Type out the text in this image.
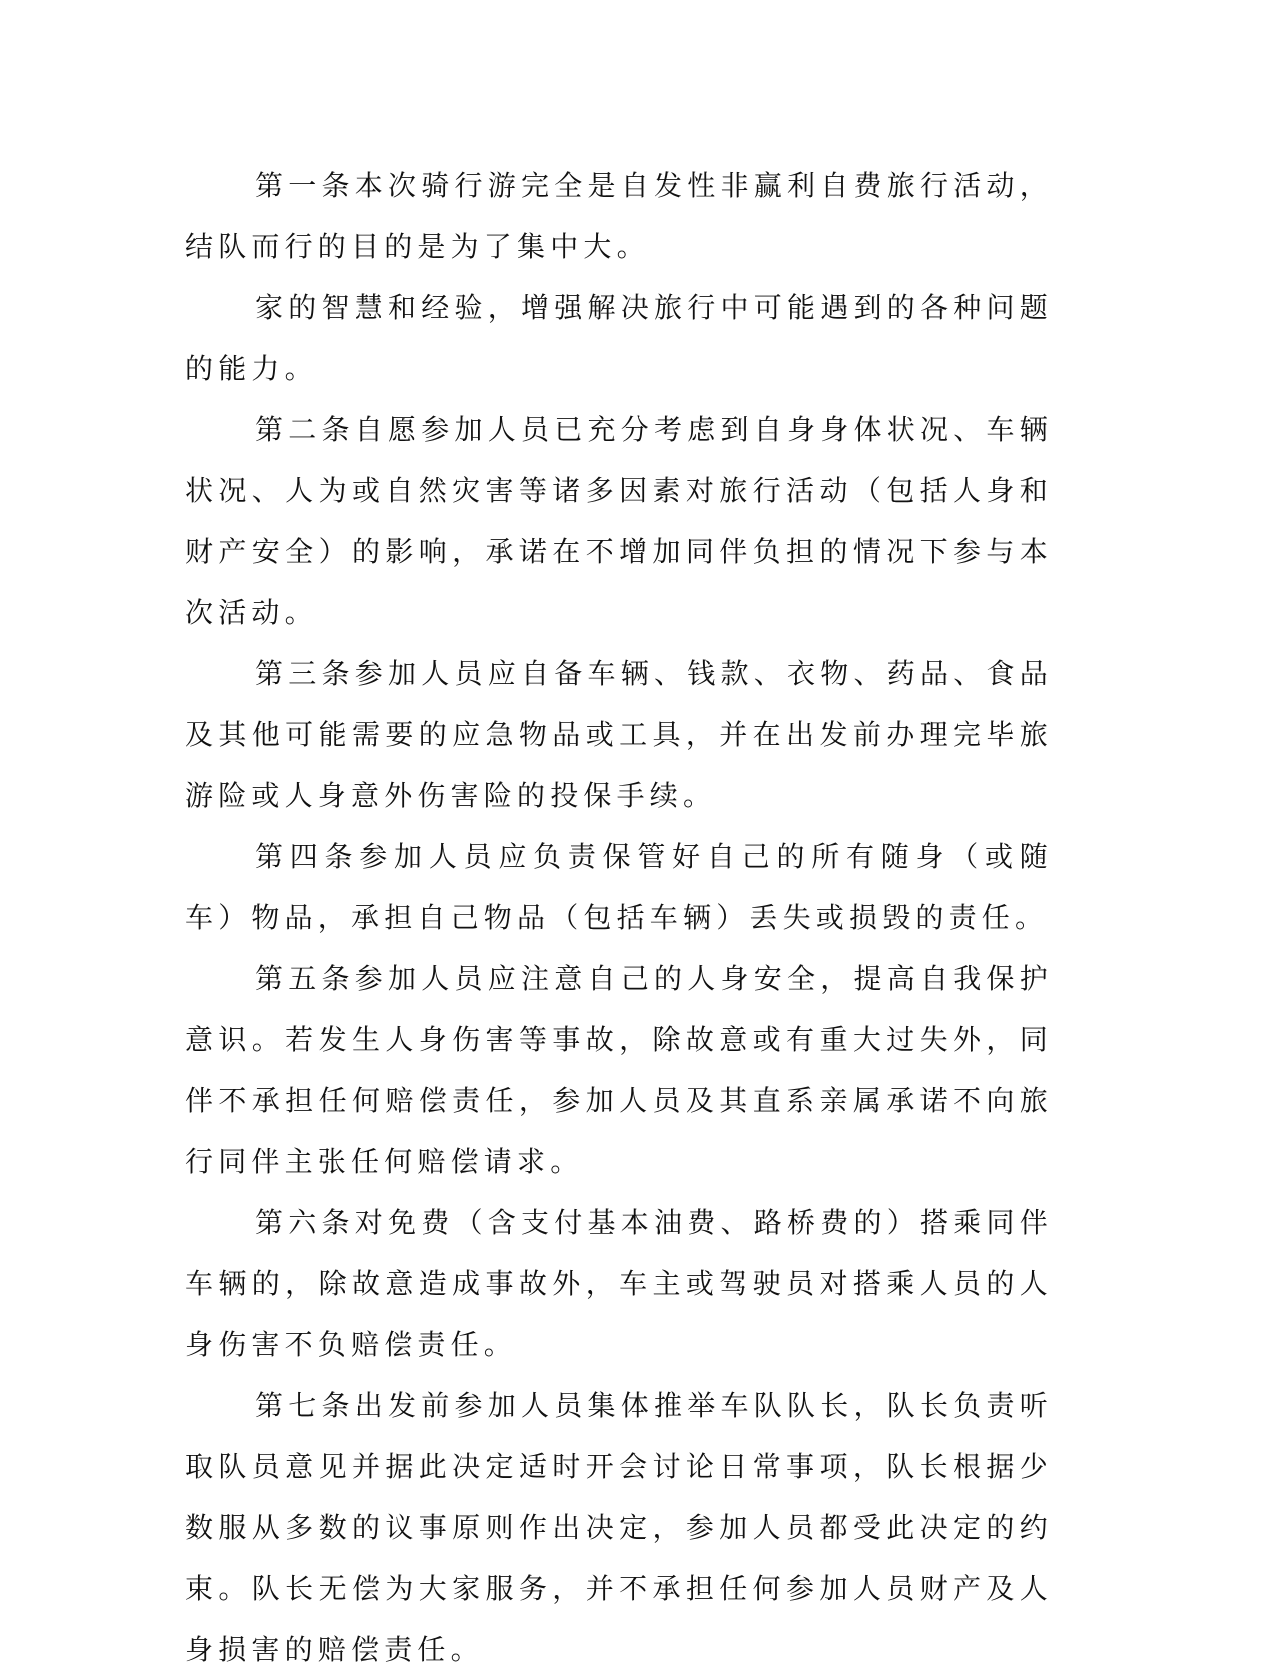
第一条本次骑行游完全是自发性非赢利自费旅行活动，结队而行的目的是为了集中大。

家的智慧和经验，增强解决旅行中可能遇到的各种问题的能力。

第二条自愿参加人员已充分考虑到自身身体状况、车辆状况、人为或自然灾害等诸多因素对旅行活动（包括人身和财产安全）的影响，承诺在不增加同伴负担的情况下参与本次活动。

第三条参加人员应自备车辆、钱款、衣物、药品、食品及其他可能需要的应急物品或工具，并在出发前办理完毕旅游险或人身意外伤害险的投保手续。

第四条参加人员应负责保管好自己的所有随身（或随车）物品，承担自己物品（包括车辆）丢失或损毁的责任。

第五条参加人员应注意自己的人身安全，提高自我保护意识。若发生人身伤害等事故，除故意或有重大过失外，同伴不承担任何赔偿责任，参加人员及其直系亲属承诺不向旅行同伴主张任何赔偿请求。

第六条对免费（含支付基本油费、路桥费的）搭乘同伴车辆的，除故意造成事故外，车主或驾驶员对搭乘人员的人身伤害不负赔偿责任。

第七条出发前参加人员集体推举车队队长，队长负责听取队员意见并据此决定适时开会讨论日常事项，队长根据少数服从多数的议事原则作出决定，参加人员都受此决定的约束。队长无偿为大家服务，并不承担任何参加人员财产及人身损害的赔偿责任。
